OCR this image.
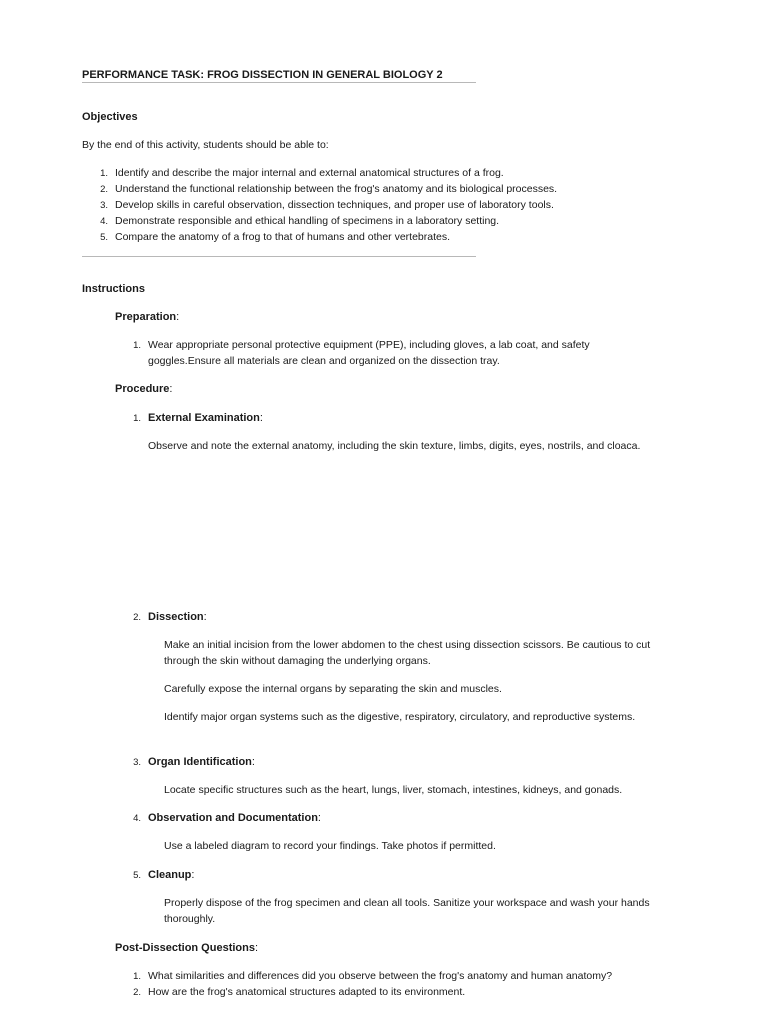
PERFORMANCE TASK: FROG DISSECTION IN GENERAL BIOLOGY 2
Objectives
By the end of this activity, students should be able to:
1. Identify and describe the major internal and external anatomical structures of a frog.
2. Understand the functional relationship between the frog's anatomy and its biological processes.
3. Develop skills in careful observation, dissection techniques, and proper use of laboratory tools.
4. Demonstrate responsible and ethical handling of specimens in a laboratory setting.
5. Compare the anatomy of a frog to that of humans and other vertebrates.
Instructions
Preparation:
1. Wear appropriate personal protective equipment (PPE), including gloves, a lab coat, and safety goggles.Ensure all materials are clean and organized on the dissection tray.
Procedure:
1. External Examination:
Observe and note the external anatomy, including the skin texture, limbs, digits, eyes, nostrils, and cloaca.
2. Dissection:
Make an initial incision from the lower abdomen to the chest using dissection scissors. Be cautious to cut through the skin without damaging the underlying organs.
Carefully expose the internal organs by separating the skin and muscles.
Identify major organ systems such as the digestive, respiratory, circulatory, and reproductive systems.
3. Organ Identification:
Locate specific structures such as the heart, lungs, liver, stomach, intestines, kidneys, and gonads.
4. Observation and Documentation:
Use a labeled diagram to record your findings. Take photos if permitted.
5. Cleanup:
Properly dispose of the frog specimen and clean all tools. Sanitize your workspace and wash your hands thoroughly.
Post-Dissection Questions:
1. What similarities and differences did you observe between the frog's anatomy and human anatomy?
2. How are the frog's anatomical structures adapted to its environment.
